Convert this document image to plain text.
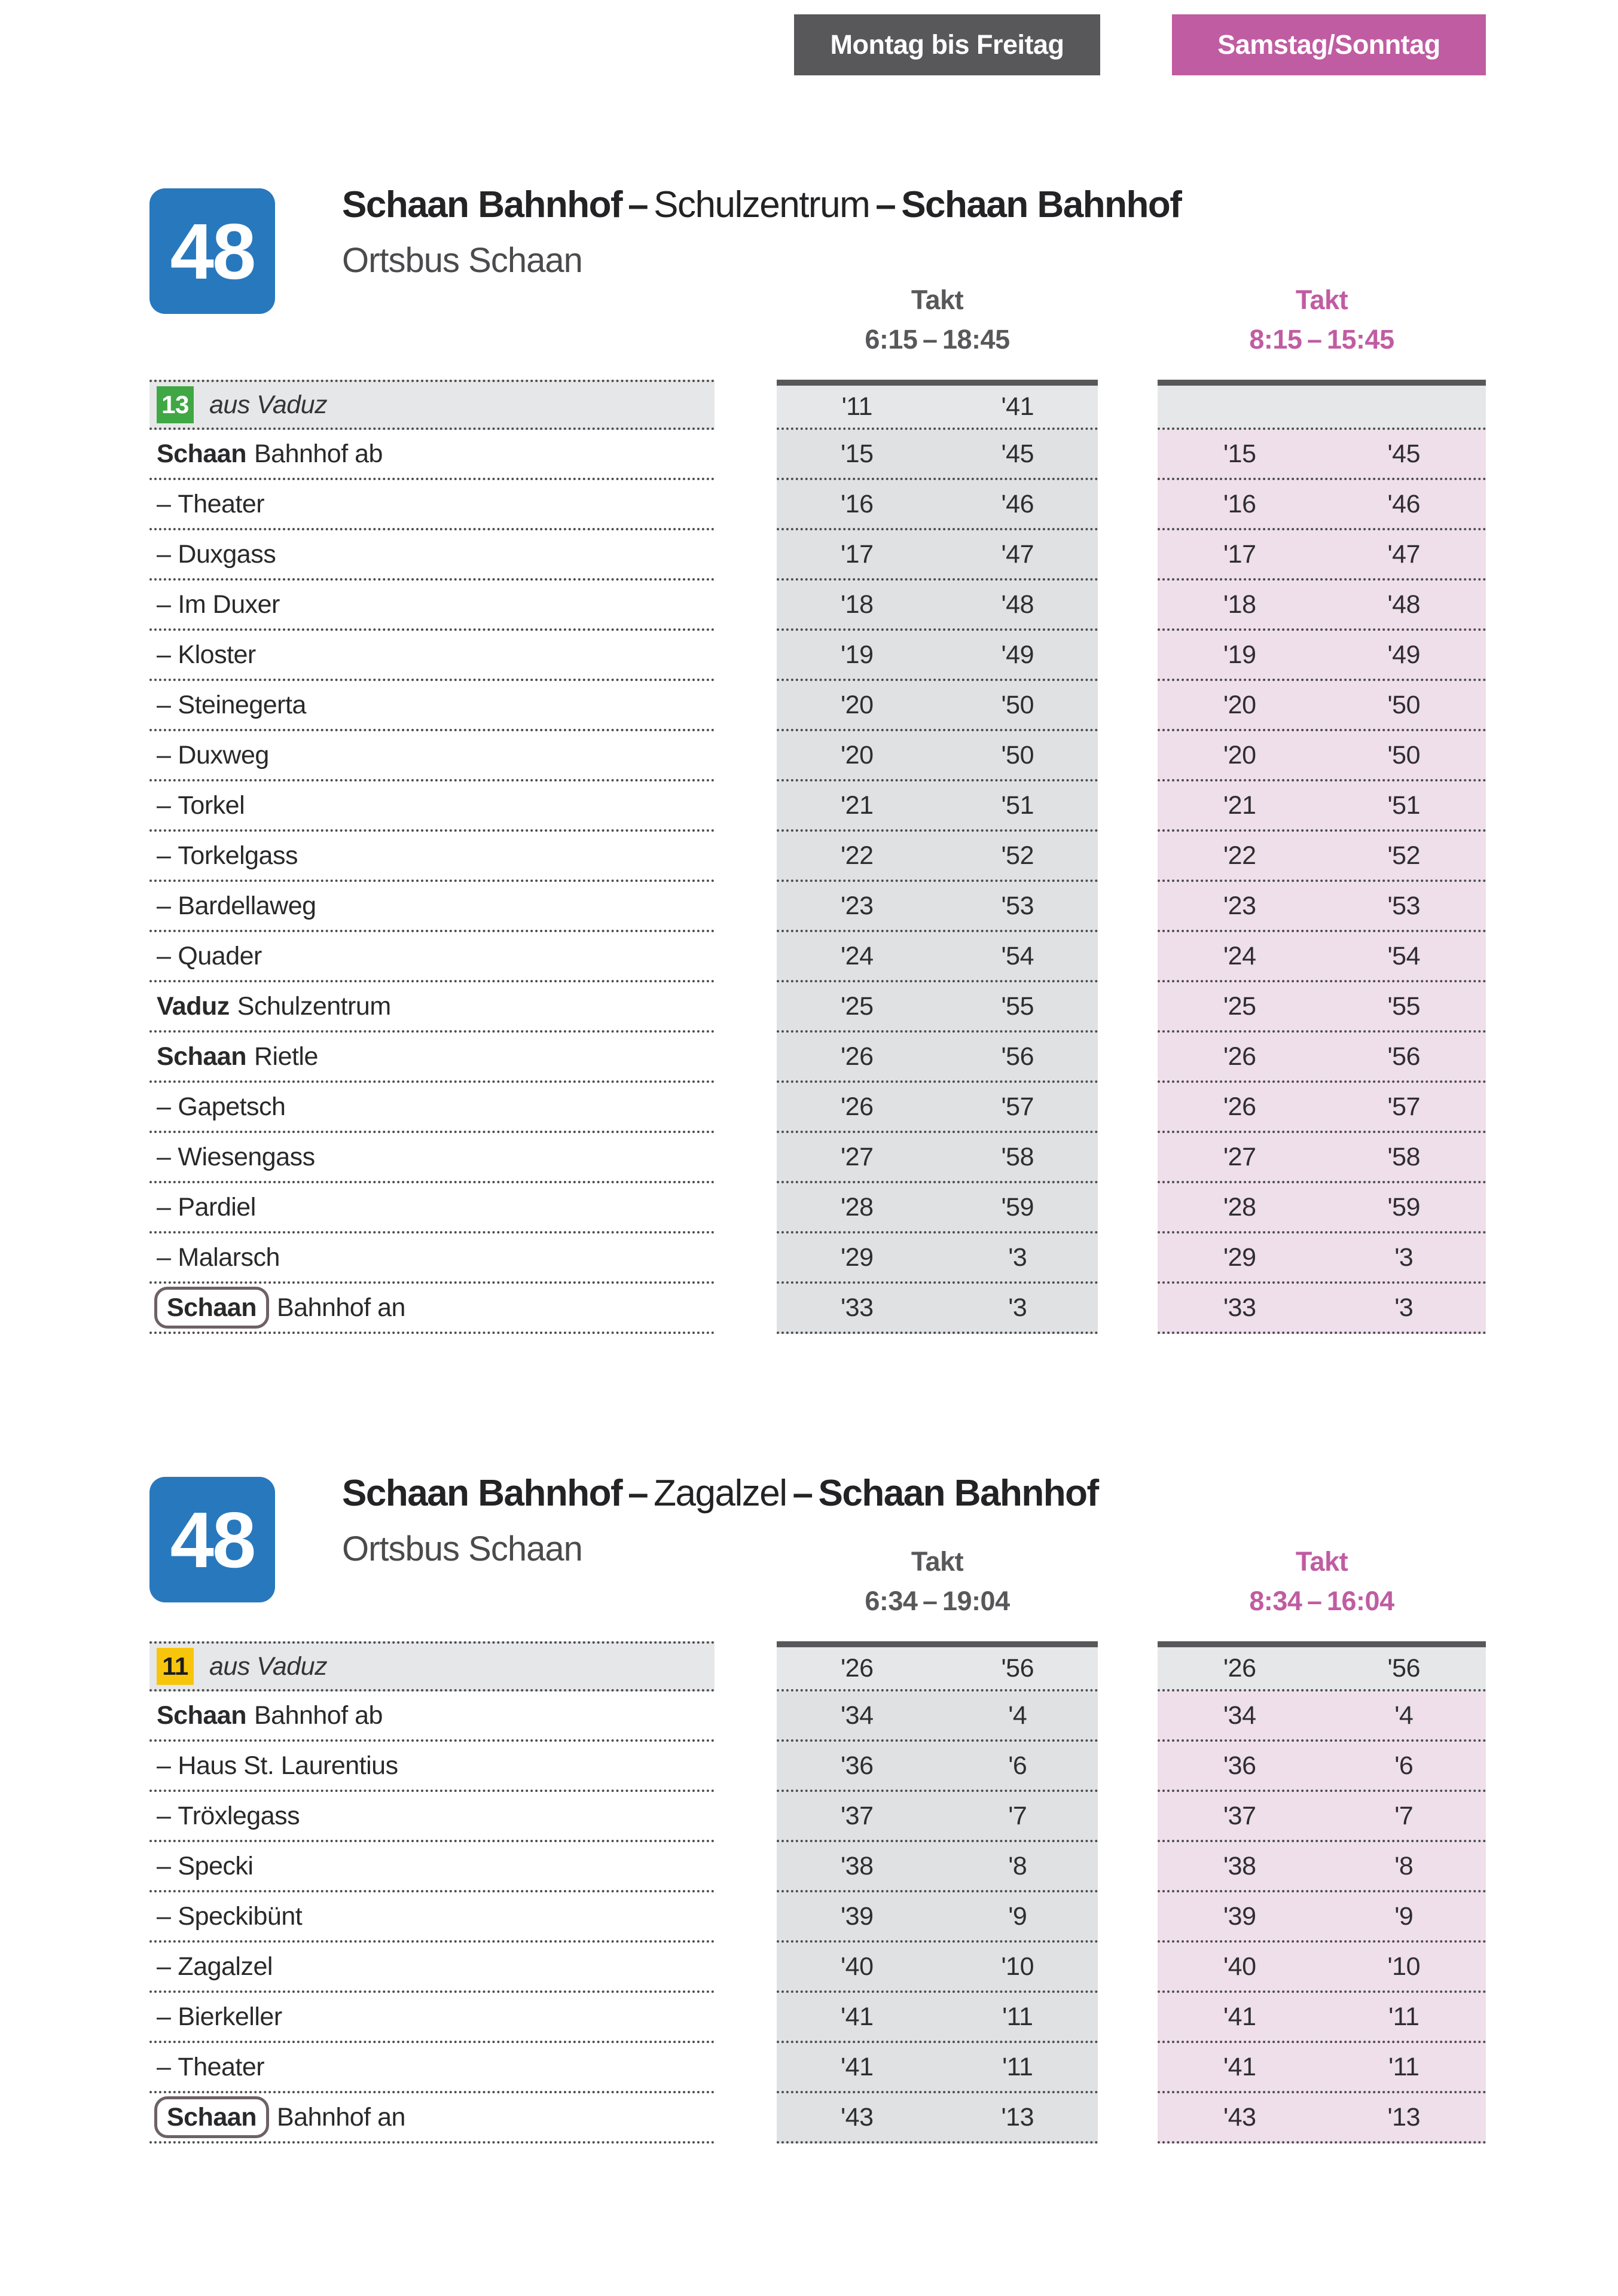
Montag bis Freitag	Samstag/Sonntag
48
Schaan Bahnhof – Schulzentrum – Schaan Bahnhof
Ortsbus Schaan
Takt
6:15 – 18:45
Takt
8:15 – 15:45
13 aus Vaduz	'11	'41
Schaan Bahnhof ab	'15	'45	'15	'45
– Theater	'16	'46	'16	'46
– Duxgass	'17	'47	'17	'47
– Im Duxer	'18	'48	'18	'48
– Kloster	'19	'49	'19	'49
– Steinegerta	'20	'50	'20	'50
– Duxweg	'20	'50	'20	'50
– Torkel	'21	'51	'21	'51
– Torkelgass	'22	'52	'22	'52
– Bardellaweg	'23	'53	'23	'53
– Quader	'24	'54	'24	'54
Vaduz Schulzentrum	'25	'55	'25	'55
Schaan Rietle	'26	'56	'26	'56
– Gapetsch	'26	'57	'26	'57
– Wiesengass	'27	'58	'27	'58
– Pardiel	'28	'59	'28	'59
– Malarsch	'29	'3	'29	'3
Schaan Bahnhof an	'33	'3	'33	'3
48
Schaan Bahnhof – Zagalzel – Schaan Bahnhof
Ortsbus Schaan	Takt
6:34 – 19:04
Takt
8:34 – 16:04
11 aus Vaduz	'26	'56	'26	'56
Schaan Bahnhof ab	'34	'4	'34	'4
– Haus St. Laurentius	'36	'6	'36	'6
– Tröxlegass	'37	'7	'37	'7
– Specki	'38	'8	'38	'8
– Speckibünt	'39	'9	'39	'9
– Zagalzel	'40	'10	'40	'10
– Bierkeller	'41	'11	'41	'11
– Theater	'41	'11	'41	'11
Schaan Bahnhof an	'43	'13	'43	'13
